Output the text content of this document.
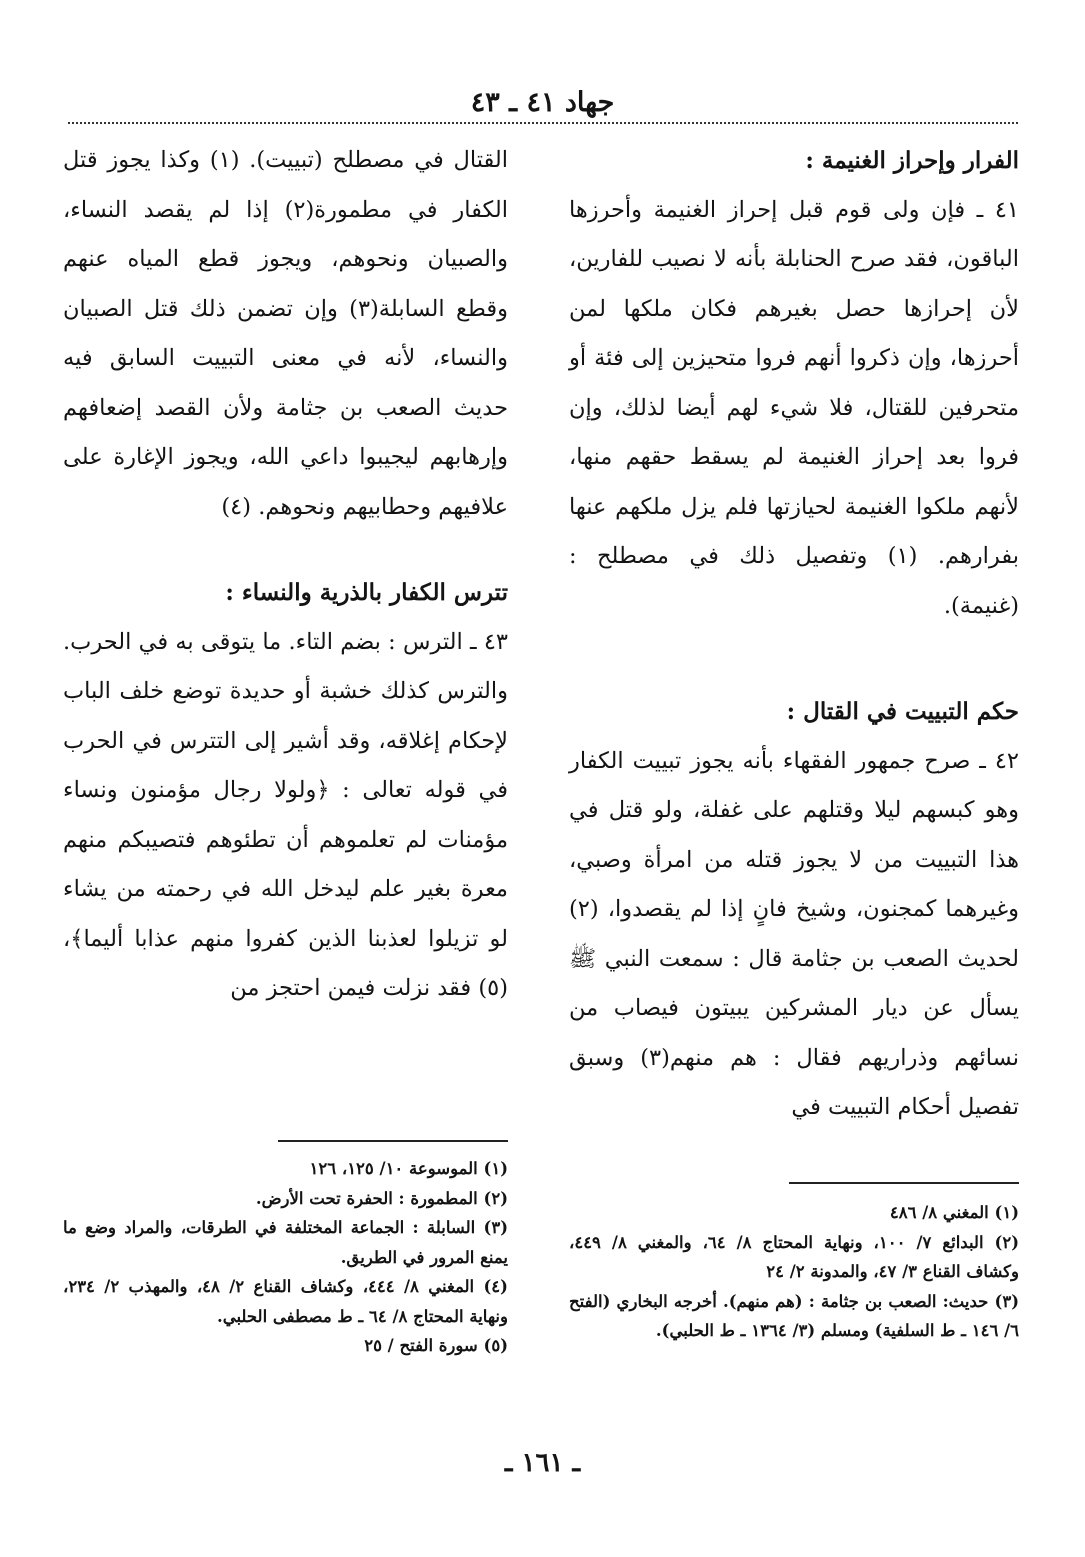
جهاد ٤١ ـ ٤٣

الفرار وإحراز الغنيمة :

٤١ ـ فإن ولى قوم قبل إحراز الغنيمة وأحرزها الباقون، فقد صرح الحنابلة بأنه لا نصيب للفارين، لأن إحرازها حصل بغيرهم فكان ملكها لمن أحرزها، وإن ذكروا أنهم فروا متحيزين إلى فئة أو متحرفين للقتال، فلا شيء لهم أيضا لذلك، وإن فروا بعد إحراز الغنيمة لم يسقط حقهم منها، لأنهم ملكوا الغنيمة لحيازتها فلم يزل ملكهم عنها بفرارهم. (١) وتفصيل ذلك في مصطلح : (غنيمة).

حكم التبييت في القتال :

٤٢ ـ صرح جمهور الفقهاء بأنه يجوز تبييت الكفار وهو كبسهم ليلا وقتلهم على غفلة، ولو قتل في هذا التبييت من لا يجوز قتله من امرأة وصبي، وغيرهما كمجنون، وشيخ فانٍ إذا لم يقصدوا، (٢) لحديث الصعب بن جثامة قال : سمعت النبي ﷺ يسأل عن ديار المشركين يبيتون فيصاب من نسائهم وذراريهم فقال : هم منهم(٣) وسبق تفصيل أحكام التبييت في

(١) المغني ٨/ ٤٨٦
(٢) البدائع ٧/ ١٠٠، ونهاية المحتاج ٨/ ٦٤، والمغني ٨/ ٤٤٩، وكشاف القناع ٣/ ٤٧، والمدونة ٢/ ٢٤
(٣) حديث: الصعب بن جثامة : (هم منهم). أخرجه البخاري (الفتح ٦/ ١٤٦ ـ ط السلفية) ومسلم (٣/ ١٣٦٤ ـ ط الحلبي).

القتال في مصطلح (تبييت). (١) وكذا يجوز قتل الكفار في مطمورة(٢) إذا لم يقصد النساء، والصبيان ونحوهم، ويجوز قطع المياه عنهم وقطع السابلة(٣) وإن تضمن ذلك قتل الصبيان والنساء، لأنه في معنى التبييت السابق فيه حديث الصعب بن جثامة ولأن القصد إضعافهم وإرهابهم ليجيبوا داعي الله، ويجوز الإغارة على علافيهم وحطابيهم ونحوهم. (٤)

تترس الكفار بالذرية والنساء :

٤٣ ـ الترس : بضم التاء. ما يتوقى به في الحرب. والترس كذلك خشبة أو حديدة توضع خلف الباب لإحكام إغلاقه، وقد أشير إلى التترس في الحرب في قوله تعالى : ﴿ولولا رجال مؤمنون ونساء مؤمنات لم تعلموهم أن تطئوهم فتصيبكم منهم معرة بغير علم ليدخل الله في رحمته من يشاء لو تزيلوا لعذبنا الذين كفروا منهم عذابا أليما﴾، (٥) فقد نزلت فيمن احتجز من

(١) الموسوعة ١٠/ ١٢٥، ١٢٦
(٢) المطمورة : الحفرة تحت الأرض.
(٣) السابلة : الجماعة المختلفة في الطرقات، والمراد وضع ما يمنع المرور في الطريق.
(٤) المغني ٨/ ٤٤٤، وكشاف القناع ٢/ ٤٨، والمهذب ٢/ ٢٣٤، ونهاية المحتاج ٨/ ٦٤ ـ ط مصطفى الحلبي.
(٥) سورة الفتح / ٢٥
ـ ١٦١ ـ
